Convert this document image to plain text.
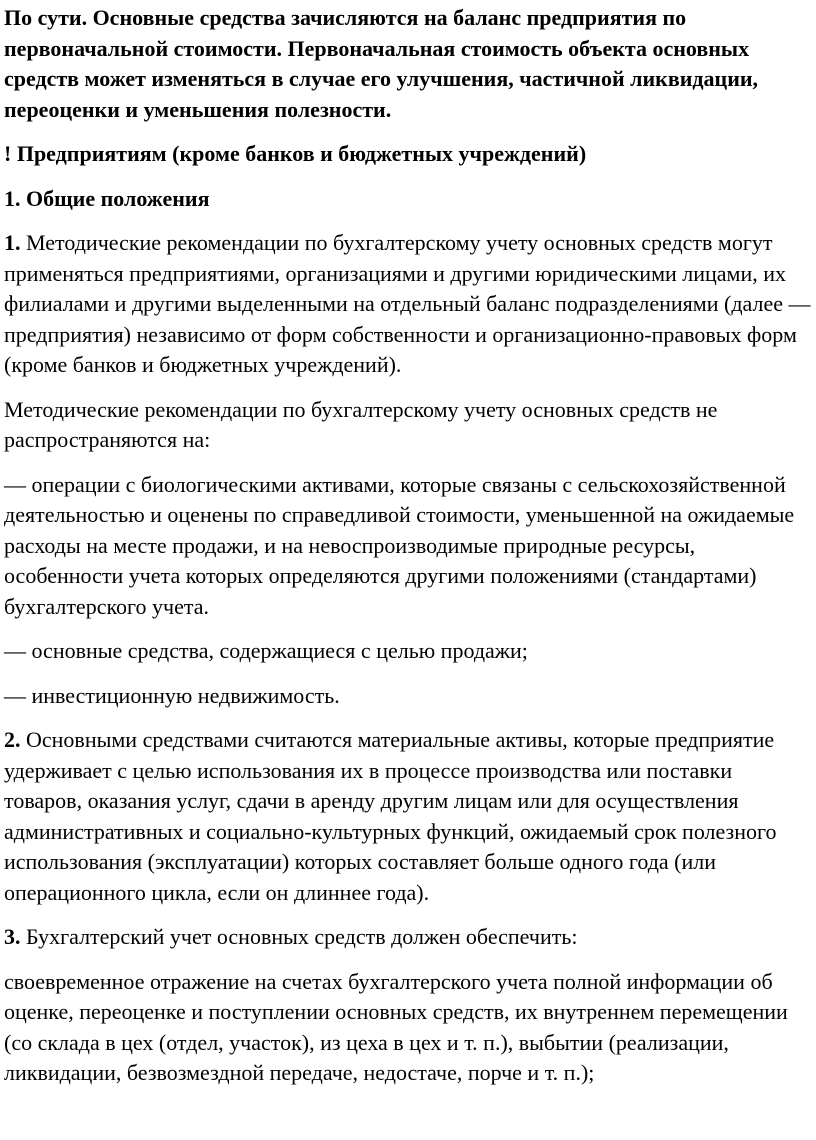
По сути. Основные средства зачисляются на баланс предприятия по первоначальной стоимости. Первоначальная стоимость объекта основных средств может изменяться в случае его улучшения, частичной ликвидации, переоценки и уменьшения полезности.

! Предприятиям (кроме банков и бюджетных учреждений)

1. Общие положения

1. Методические рекомендации по бухгалтерскому учету основных средств могут применяться предприятиями, организациями и другими юридическими лицами, их филиалами и другими выделенными на отдельный баланс подразделениями (далее — предприятия) независимо от форм собственности и организационно-правовых форм (кроме банков и бюджетных учреждений).

Методические рекомендации по бухгалтерскому учету основных средств не распространяются на:

— операции с биологическими активами, которые связаны с сельскохозяйственной деятельностью и оценены по справедливой стоимости, уменьшенной на ожидаемые расходы на месте продажи, и на невоспроизводимые природные ресурсы, особенности учета которых определяются другими положениями (стандартами) бухгалтерского учета.

— основные средства, содержащиеся с целью продажи;

— инвестиционную недвижимость.

2. Основными средствами считаются материальные активы, которые предприятие удерживает с целью использования их в процессе производства или поставки товаров, оказания услуг, сдачи в аренду другим лицам или для осуществления административных и социально-культурных функций, ожидаемый срок полезного использования (эксплуатации) которых составляет больше одного года (или операционного цикла, если он длиннее года).

3. Бухгалтерский учет основных средств должен обеспечить:

своевременное отражение на счетах бухгалтерского учета полной информации об оценке, переоценке и поступлении основных средств, их внутреннем перемещении (со склада в цех (отдел, участок), из цеха в цех и т. п.), выбытии (реализации, ликвидации, безвозмездной передаче, недостаче, порче и т. п.);
